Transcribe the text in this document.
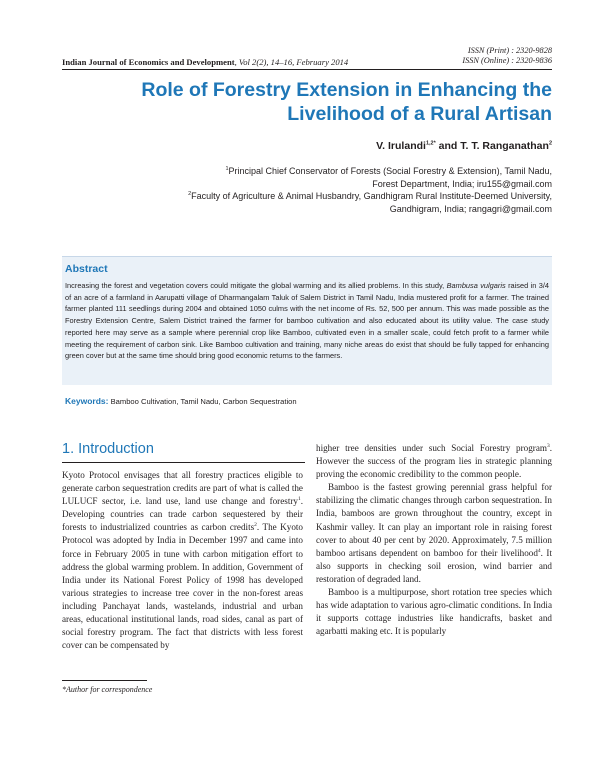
ISSN (Print) : 2320-9828
ISSN (Online) : 2320-9836
Indian Journal of Economics and Development, Vol 2(2), 14–16, February 2014
Role of Forestry Extension in Enhancing the
Livelihood of a Rural Artisan
V. Irulandi$^{1,2*}$ and T. T. Ranganathan$^2$
$^1$Principal Chief Conservator of Forests (Social Forestry & Extension), Tamil Nadu,
Forest Department, India; iru155@gmail.com
$^2$Faculty of Agriculture & Animal Husbandry, Gandhigram Rural Institute-Deemed University,
Gandhigram, India; rangagri@gmail.com
Abstract
Increasing the forest and vegetation covers could mitigate the global warming and its allied problems. In this study, Bambusa vulgaris raised in 3/4 of an acre of a farmland in Aarupatti village of Dharmangalam Taluk of Salem District in Tamil Nadu, India mustered profit for a farmer. The trained farmer planted 111 seedlings during 2004 and obtained 1050 culms with the net income of Rs. 52, 500 per annum. This was made possible as the Forestry Extension Centre, Salem District trained the farmer for bamboo cultivation and also educated about its utility value. The case study reported here may serve as a sample where perennial crop like Bamboo, cultivated even in a smaller scale, could fetch profit to a farmer while meeting the requirement of carbon sink. Like Bamboo cultivation and training, many niche areas do exist that should be fully tapped for enhancing green cover but at the same time should bring good economic returns to the farmers.
Keywords: Bamboo Cultivation, Tamil Nadu, Carbon Sequestration
1. Introduction

Kyoto Protocol envisages that all forestry practices eligible to generate carbon sequestration credits are part of what is called the LULUCF sector, i.e. land use, land use change and forestry$^1$. Developing countries can trade carbon sequestered by their forests to industrialized countries as carbon credits$^2$. The Kyoto Protocol was adopted by India in December 1997 and came into force in February 2005 in tune with carbon mitigation effort to address the global warming problem. In addition, Government of India under its National Forest Policy of 1998 has developed various strategies to increase tree cover in the non-forest areas including Panchayat lands, wastelands, industrial and urban areas, educational institutional lands, road sides, canal as part of social forestry program. The fact that districts with less forest cover can be compensated by

higher tree densities under such Social Forestry program$^3$. However the success of the program lies in strategic planning proving the economic credibility to the common people.

Bamboo is the fastest growing perennial grass helpful for stabilizing the climatic changes through carbon sequestration. In India, bamboos are grown throughout the country, except in Kashmir valley. It can play an important role in raising forest cover to about 40 per cent by 2020. Approximately, 7.5 million bamboo artisans dependent on bamboo for their livelihood$^4$. It also supports in checking soil erosion, wind barrier and restoration of degraded land.

Bamboo is a multipurpose, short rotation tree species which has wide adaptation to various agro-climatic conditions. In India it supports cottage industries like handicrafts, basket and agarbatti making etc. It is popularly

*Author for correspondence
